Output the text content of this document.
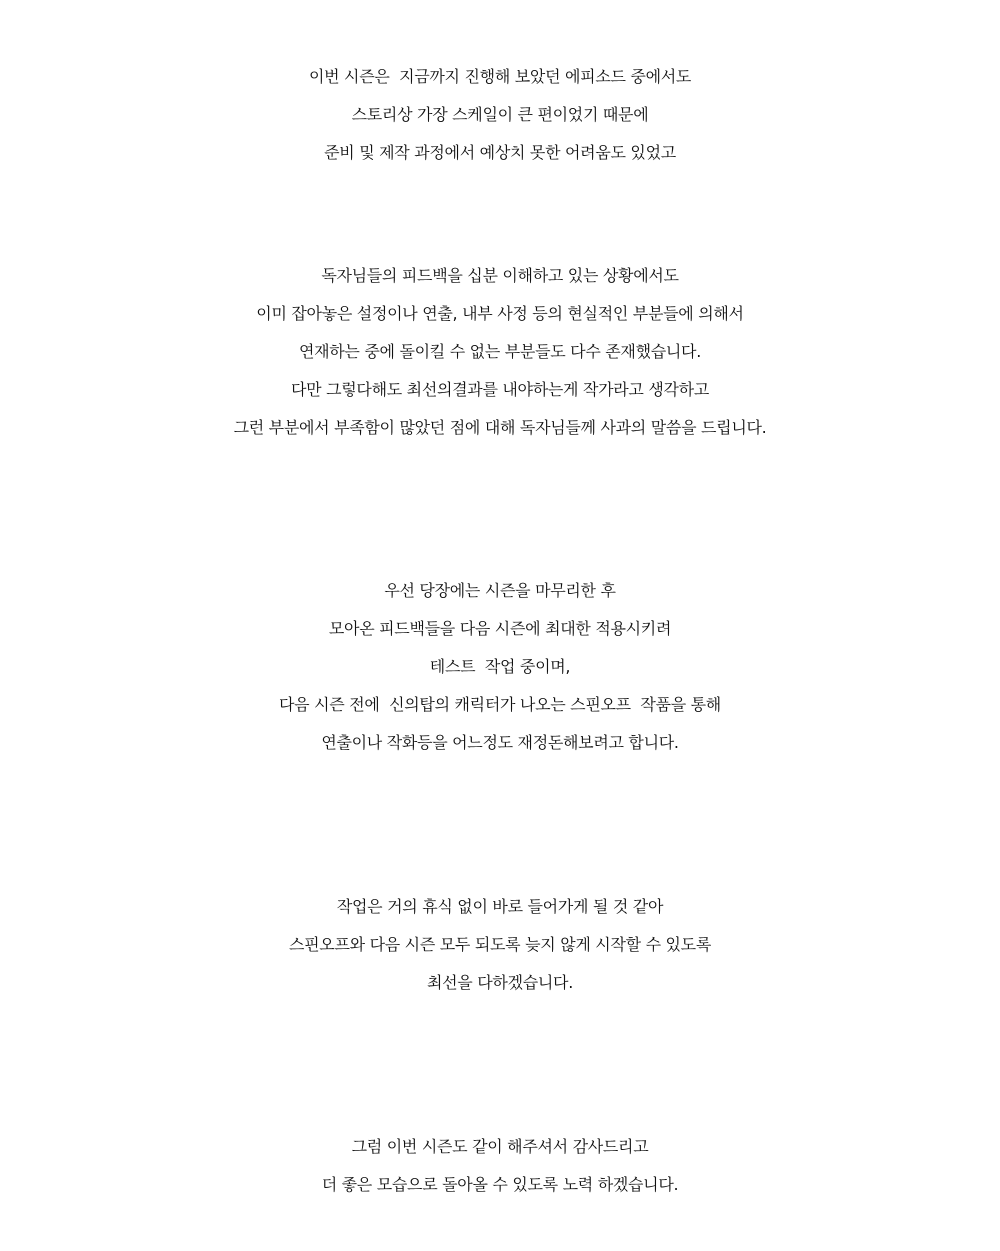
이번 시즌은  지금까지 진행해 보았던 에피소드 중에서도
스토리상 가장 스케일이 큰 편이었기 때문에
준비 및 제작 과정에서 예상치 못한 어려움도 있었고
독자님들의 피드백을 십분 이해하고 있는 상황에서도
이미 잡아놓은 설정이나 연출, 내부 사정 등의 현실적인 부분들에 의해서
연재하는 중에 돌이킬 수 없는 부분들도 다수 존재했습니다.
다만 그렇다해도 최선의결과를 내야하는게 작가라고 생각하고
그런 부분에서 부족함이 많았던 점에 대해 독자님들께 사과의 말씀을 드립니다.
우선 당장에는 시즌을 마무리한 후
모아온 피드백들을 다음 시즌에 최대한 적용시키려
테스트  작업 중이며,
다음 시즌 전에  신의탑의 캐릭터가 나오는 스핀오프  작품을 통해
연출이나 작화등을 어느정도 재정돈해보려고 합니다.
작업은 거의 휴식 없이 바로 들어가게 될 것 같아
스핀오프와 다음 시즌 모두 되도록 늦지 않게 시작할 수 있도록
최선을 다하겠습니다.
그럼 이번 시즌도 같이 해주셔서 감사드리고
더 좋은 모습으로 돌아올 수 있도록 노력 하겠습니다.
